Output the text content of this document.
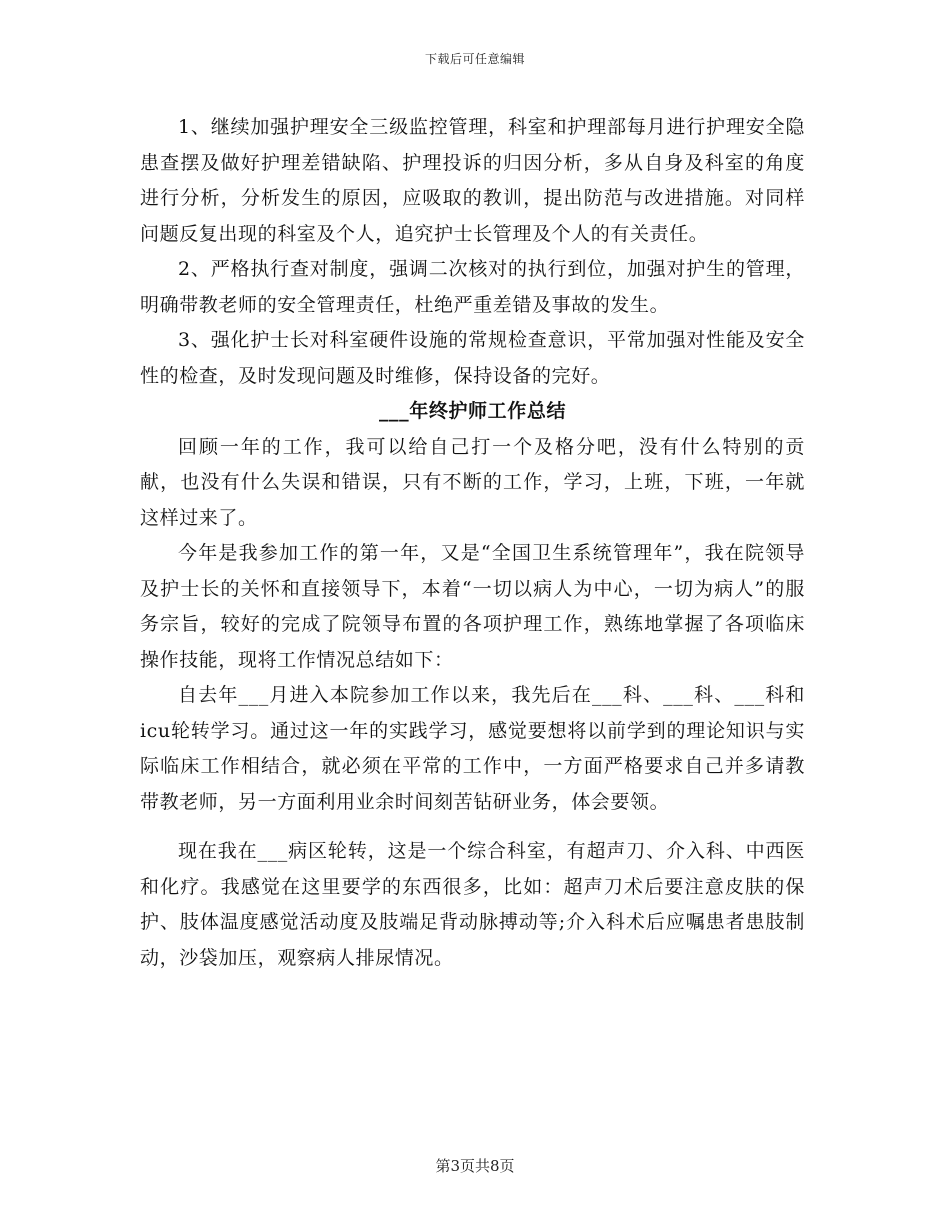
下载后可任意编辑

1、继续加强护理安全三级监控管理，科室和护理部每月进行护理安全隐患查摆及做好护理差错缺陷、护理投诉的归因分析，多从自身及科室的角度进行分析，分析发生的原因，应吸取的教训，提出防范与改进措施。对同样问题反复出现的科室及个人，追究护士长管理及个人的有关责任。

2、严格执行查对制度，强调二次核对的执行到位，加强对护生的管理，明确带教老师的安全管理责任，杜绝严重差错及事故的发生。

3、强化护士长对科室硬件设施的常规检查意识，平常加强对性能及安全性的检查，及时发现问题及时维修，保持设备的完好。

___年终护师工作总结

回顾一年的工作，我可以给自己打一个及格分吧，没有什么特别的贡献，也没有什么失误和错误，只有不断的工作，学习，上班，下班，一年就这样过来了。

今年是我参加工作的第一年，又是“全国卫生系统管理年”，我在院领导及护士长的关怀和直接领导下，本着“一切以病人为中心，一切为病人”的服务宗旨，较好的完成了院领导布置的各项护理工作，熟练地掌握了各项临床操作技能，现将工作情况总结如下：

自去年___月进入本院参加工作以来，我先后在___科、___科、___科和icu轮转学习。通过这一年的实践学习，感觉要想将以前学到的理论知识与实际临床工作相结合，就必须在平常的工作中，一方面严格要求自己并多请教带教老师，另一方面利用业余时间刻苦钻研业务，体会要领。

现在我在___病区轮转，这是一个综合科室，有超声刀、介入科、中西医和化疗。我感觉在这里要学的东西很多，比如：超声刀术后要注意皮肤的保护、肢体温度感觉活动度及肢端足背动脉搏动等;介入科术后应嘱患者患肢制动，沙袋加压，观察病人排尿情况。

第3页共8页
